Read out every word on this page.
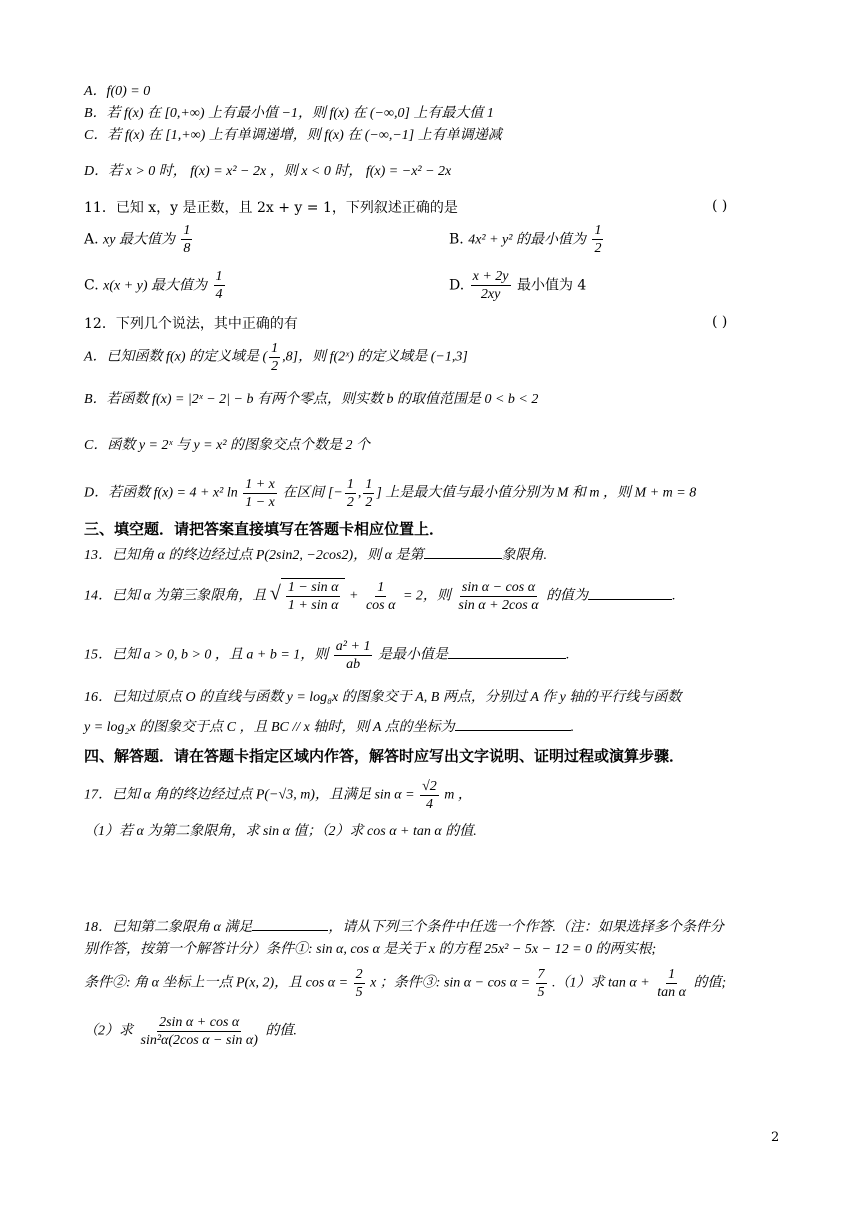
A．f(0) = 0
B．若 f(x) 在 [0,+∞) 上有最小值 −1，则 f(x) 在 (−∞,0] 上有最大值 1
C．若 f(x) 在 [1,+∞) 上有单调递增，则 f(x) 在 (−∞,−1] 上有单调递减
D．若 x > 0 时， f(x) = x² − 2x ，则 x < 0 时， f(x) = −x² − 2x
11．已知 x，y 是正数，且 2x + y = 1，下列叙述正确的是	( )
A. xy 最大值为 $\frac{1}{8}$	B. 4x² + y² 的最小值为 $\frac{1}{2}$
C. x(x + y) 最大值为 $\frac{1}{4}$	D. $\frac{x + 2y}{2xy}$ 最小值为 4
12．下列几个说法，其中正确的有	( )
A．已知函数 f(x) 的定义域是 ( $\frac{1}{2} ,8$]，则 f(2ˣ) 的定义域是 (−1,3]
B．若函数 f(x) = |2ˣ − 2| − b 有两个零点，则实数 b 的取值范围是 0 < b < 2
C．函数 y = 2ˣ 与 y = x² 的图象交点个数是 2 个
D．若函数 f(x) = 4 + x² $\ln \frac{1 + x}{1 - x}$ 在区间 [− $\frac{1}{2}$ , $\frac{1}{2}$ ] 上是最大值与最小值分别为 M 和 m ，则 M + m = 8
三、填空题．请把答案直接填写在答题卡相应位置上．
13．已知角 α 的终边经过点 P(2sin2, −2cos2)，则 α 是第	象限角.
14．已知 α 为第三象限角，且 √ $\frac{\text{1 − sin α}}{\text{1 + sin α}} + \frac{1}{\text{cos α}} = 2$，则 $\frac{\text{sin α − cos α}}{\text{sin α + 2cos α}}$ 的值为	.
15．已知 a > 0, b > 0 ，且 a + b = 1，则 $\frac{\text{a² + 1}}{ab}$ 是最小值是	.
16．已知过原点 O 的直线与函数 y = log₈x 的图象交于 A, B 两点，分别过 A 作 y 轴的平行线与函数
y = log₂x 的图象交于点 C ，且 BC // x 轴时，则 A 点的坐标为	.
四、解答题．请在答题卡指定区域内作答，解答时应写出文字说明、证明过程或演算步骤．
17．已知 α 角的终边经过点 P(−√3, m)，且满足 $\sin \alpha = \frac{√2}{4}$ m ，
（1）若 α 为第二象限角，求 sin α 值；（2）求 cos α + tan α 的值.
18．已知第二象限角 α 满足	，请从下列三个条件中任选一个作答.（注：如果选择多个条件分
别作答，按第一个解答计分）条件①: sin α, cos α 是关于 x 的方程 25x² − 5x − 12 = 0 的两实根;
条件②: 角 α 坐标上一点 P(x, 2)，且 $\cos \alpha = \frac{2}{5}$ x ；条件③: $\sin \alpha - \cos \alpha = \frac{7}{5} .(1)$求 $\tan \alpha + \frac{1}{\text{tan α}}$ 的值;
（2）求 $\frac{\text{2sin α + cos α}}{\text{sin²α(2cos α − sin α)}}$ 的值.
2
